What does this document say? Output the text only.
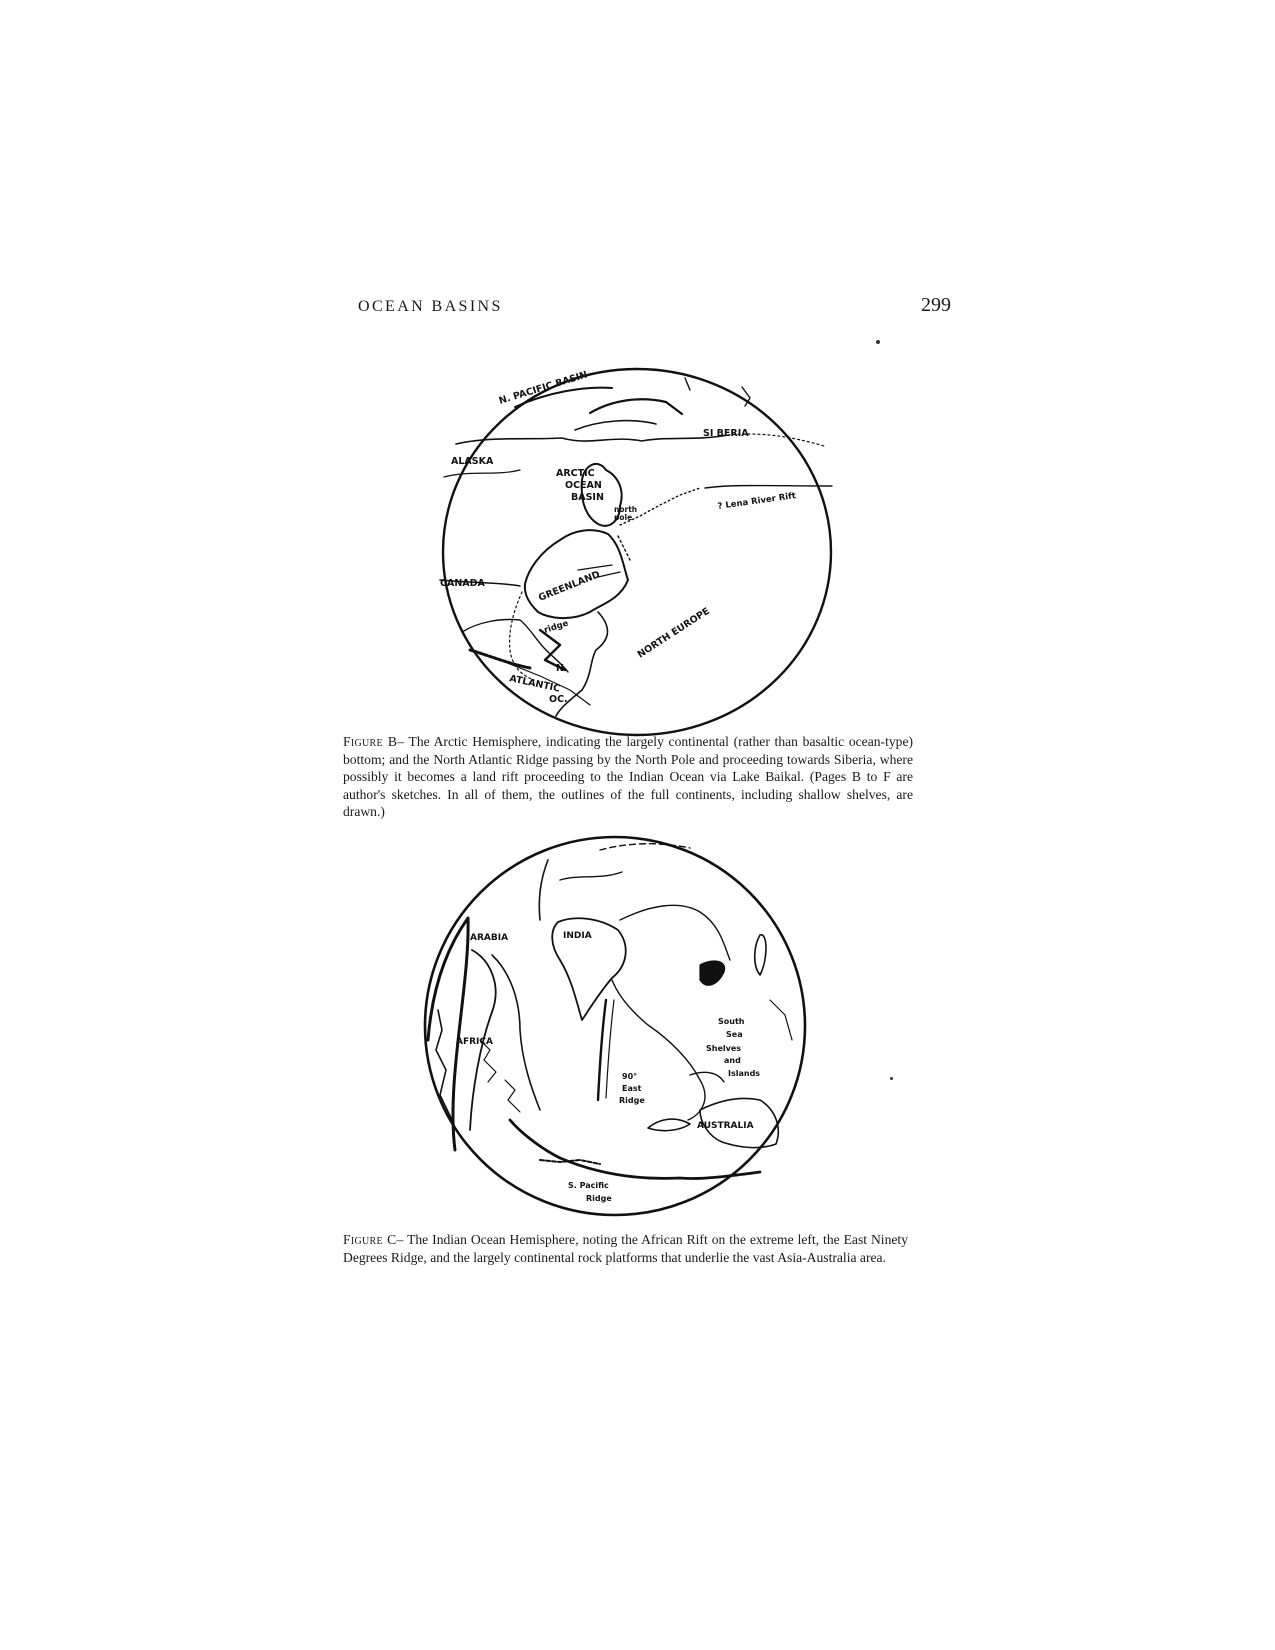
OCEAN BASINS	299
N. PACIFIC BASIN
SI BERIA
ALASKA
ARCTIC
OCEAN
BASIN
north
pole
? Lena River Rift
CANADA	GREENLAND
ridge	NORTH EUROPE
N.
ATLANTIC
OC.
Figure B– The Arctic Hemisphere, indicating the largely continental (rather than basaltic ocean-type) bottom; and the North Atlantic Ridge passing by the North Pole and proceeding towards Siberia, where possibly it becomes a land rift proceeding to the Indian Ocean via Lake Baikal. (Pages B to F are author's sketches. In all of them, the outlines of the full continents, including shallow shelves, are drawn.)
ARABIA	INDIA
AFRICA
South
Sea
Shelves
and
Islands
90°
East
Ridge
AUSTRALIA
S. Pacific
Ridge
Figure C– The Indian Ocean Hemisphere, noting the African Rift on the extreme left, the East Ninety Degrees Ridge, and the largely continental rock platforms that underlie the vast Asia-Australia area.
